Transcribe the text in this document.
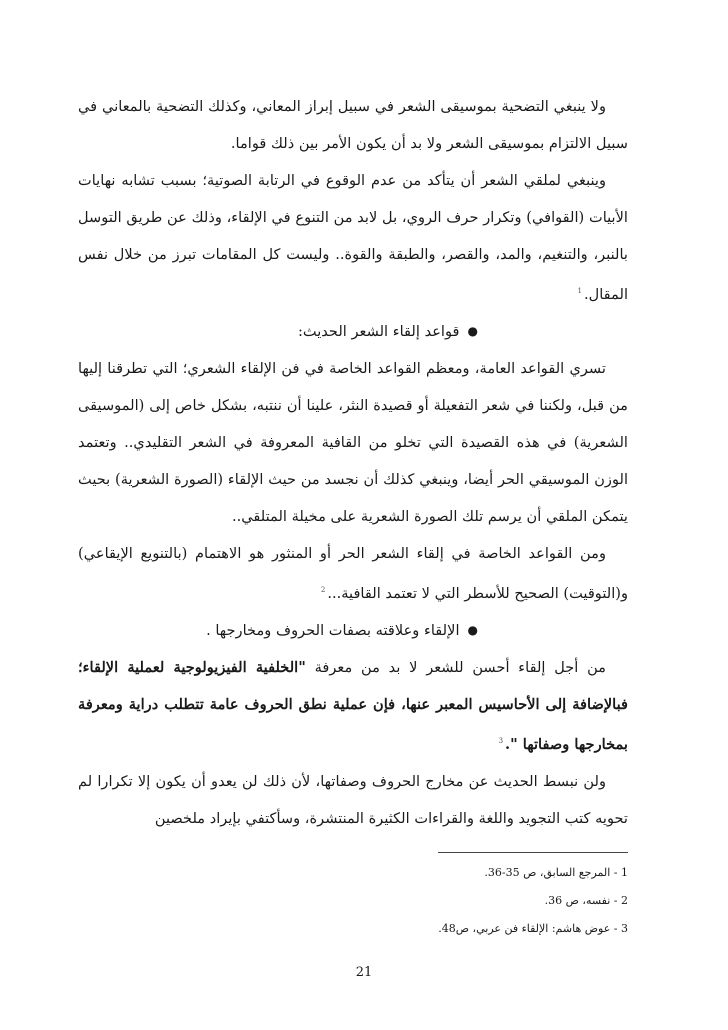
ولا ينبغي التضحية بموسيقى الشعر في سبيل إبراز المعاني، وكذلك التضحية بالمعاني في سبيل الالتزام بموسيقى الشعر ولا بد أن يكون الأمر بين ذلك قواما.

وينبغي لملقي الشعر أن يتأكد من عدم الوقوع في الرتابة الصوتية؛ بسبب تشابه نهايات الأبيات (القوافي) وتكرار حرف الروي، بل لابد من التنوع في الإلقاء، وذلك عن طريق التوسل بالنبر، والتنغيم، والمد، والقصر، والطبقة والقوة.. وليست كل المقامات تبرز من خلال نفس المقال.$^1$

●
قواعد إلقاء الشعر الحديث:

تسري القواعد العامة، ومعظم القواعد الخاصة في فن الإلقاء الشعري؛ التي تطرقنا إليها من قبل، ولكننا في شعر التفعيلة أو قصيدة النثر، علينا أن ننتبه، بشكل خاص إلى (الموسيقى الشعرية) في هذه القصيدة التي تخلو من القافية المعروفة في الشعر التقليدي.. وتعتمد الوزن الموسيقي الحر أيضا، وينبغي كذلك أن نجسد من حيث الإلقاء (الصورة الشعرية) بحيث يتمكن الملقي أن يرسم تلك الصورة الشعرية على مخيلة المتلقي..

ومن القواعد الخاصة في إلقاء الشعر الحر أو المنثور هو الاهتمام (بالتنويع الإيقاعي) و(التوقيت) الصحيح للأسطر التي لا تعتمد القافية...$^2$

●
الإلقاء وعلاقته بصفات الحروف ومخارجها .

من أجل إلقاء أحسن للشعر لا بد من معرفة "الخلفية الفيزيولوجية لعملية الإلقاء؛ فبالإضافة إلى الأحاسيس المعبر عنها، فإن عملية نطق الحروف عامة تتطلب دراية ومعرفة بمخارجها وصفاتها ".$^3$

ولن نبسط الحديث عن مخارج الحروف وصفاتها، لأن ذلك لن يعدو أن يكون إلا تكرارا لم تحويه كتب التجويد واللغة والقراءات الكثيرة المنتشرة، وسأكتفي بإيراد ملخصين

1 - المرجع السابق، ص 35-36.
2 - نفسه، ص 36.
3 - عوض هاشم: الإلقاء فن عربي، ص48.
21
